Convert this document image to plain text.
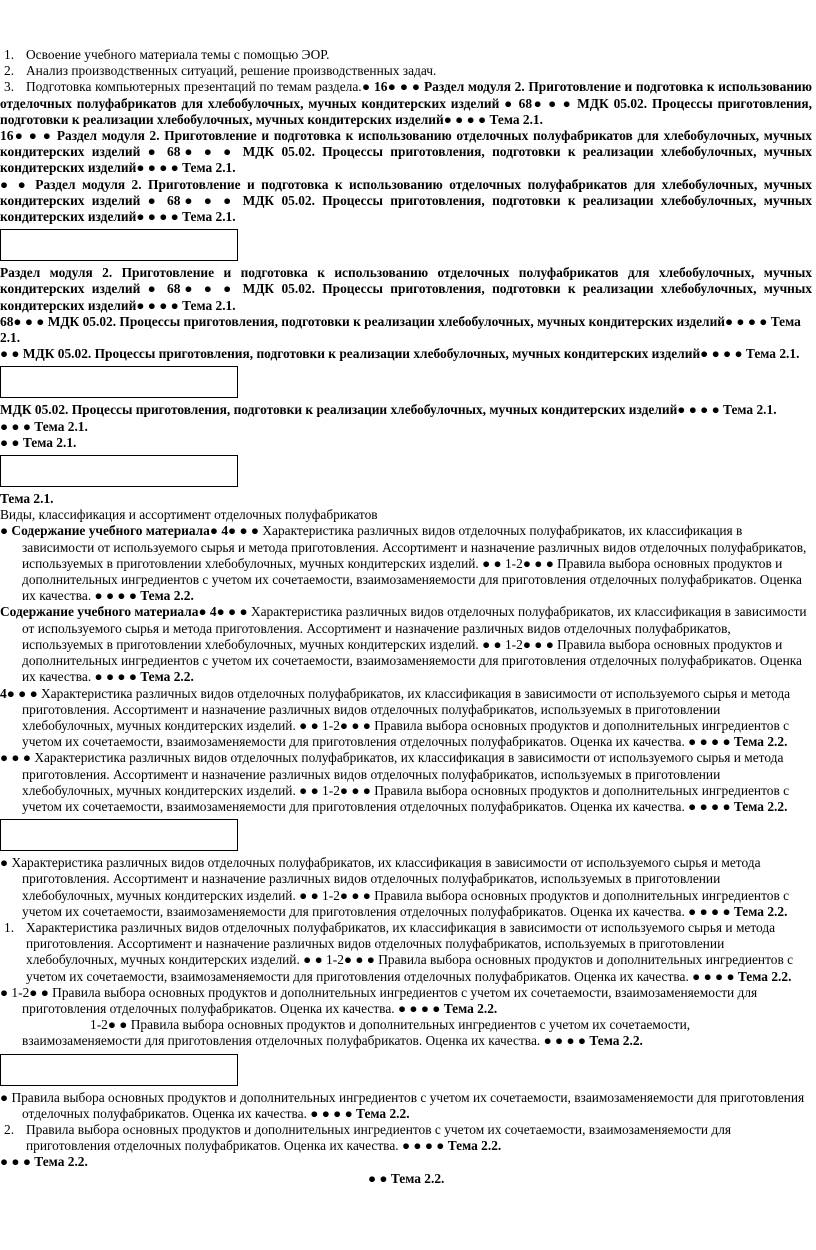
1. Освоение учебного материала темы с помощью ЭОР.
2. Анализ производственных ситуаций, решение производственных задач.
3. Подготовка компьютерных презентаций по темам раздела.● 16● ● ● Раздел модуля 2. Приготовление и подготовка к использованию отделочных полуфабрикатов для хлебобулочных, мучных кондитерских изделий ● 68● ● ● МДК 05.02. Процессы приготовления, подготовки к реализации хлебобулочных, мучных кондитерских изделий● ● ● ● Тема 2.1.

16● ● ● Раздел модуля 2. Приготовление и подготовка к использованию отделочных полуфабрикатов для хлебобулочных, мучных кондитерских изделий ● 68● ● ● МДК 05.02. Процессы приготовления, подготовки к реализации хлебобулочных, мучных кондитерских изделий● ● ● ● Тема 2.1.

● ● Раздел модуля 2. Приготовление и подготовка к использованию отделочных полуфабрикатов для хлебобулочных, мучных кондитерских изделий ● 68● ● ● МДК 05.02. Процессы приготовления, подготовки к реализации хлебобулочных, мучных кондитерских изделий● ● ● ● Тема 2.1.

Раздел модуля 2. Приготовление и подготовка к использованию отделочных полуфабрикатов для хлебобулочных, мучных кондитерских изделий ● 68● ● ● МДК 05.02. Процессы приготовления, подготовки к реализации хлебобулочных, мучных кондитерских изделий● ● ● ● Тема 2.1.

68● ● ● МДК 05.02. Процессы приготовления, подготовки к реализации хлебобулочных, мучных кондитерских изделий● ● ● ● Тема 2.1.

● ● МДК 05.02. Процессы приготовления, подготовки к реализации хлебобулочных, мучных кондитерских изделий● ● ● ● Тема 2.1.

МДК 05.02. Процессы приготовления, подготовки к реализации хлебобулочных, мучных кондитерских изделий● ● ● ● Тема 2.1.

● ● ● Тема 2.1.

● ● Тема 2.1.

Тема 2.1.

Виды, классификация и ассортимент отделочных полуфабрикатов

● Содержание учебного материала● 4● ● ● Характеристика различных видов отделочных полуфабрикатов, их классификация в зависимости от используемого сырья и метода приготовления. Ассортимент и назначение различных видов отделочных полуфабрикатов, используемых в приготовлении хлебобулочных, мучных кондитерских изделий. ● ● 1-2● ● ● Правила выбора основных продуктов и дополнительных ингредиентов с учетом их сочетаемости, взаимозаменяемости для приготовления отделочных полуфабрикатов. Оценка их качества. ● ● ● ● Тема 2.2.

Содержание учебного материала● 4● ● ● Характеристика различных видов отделочных полуфабрикатов, их классификация в зависимости от используемого сырья и метода приготовления. Ассортимент и назначение различных видов отделочных полуфабрикатов, используемых в приготовлении хлебобулочных, мучных кондитерских изделий. ● ● 1-2● ● ● Правила выбора основных продуктов и дополнительных ингредиентов с учетом их сочетаемости, взаимозаменяемости для приготовления отделочных полуфабрикатов. Оценка их качества. ● ● ● ● Тема 2.2.

4● ● ● Характеристика различных видов отделочных полуфабрикатов, их классификация в зависимости от используемого сырья и метода приготовления. Ассортимент и назначение различных видов отделочных полуфабрикатов, используемых в приготовлении хлебобулочных, мучных кондитерских изделий. ● ● 1-2● ● ● Правила выбора основных продуктов и дополнительных ингредиентов с учетом их сочетаемости, взаимозаменяемости для приготовления отделочных полуфабрикатов. Оценка их качества. ● ● ● ● Тема 2.2.

● ● ● Характеристика различных видов отделочных полуфабрикатов, их классификация в зависимости от используемого сырья и метода приготовления. Ассортимент и назначение различных видов отделочных полуфабрикатов, используемых в приготовлении хлебобулочных, мучных кондитерских изделий. ● ● 1-2● ● ● Правила выбора основных продуктов и дополнительных ингредиентов с учетом их сочетаемости, взаимозаменяемости для приготовления отделочных полуфабрикатов. Оценка их качества. ● ● ● ● Тема 2.2.

● Характеристика различных видов отделочных полуфабрикатов, их классификация в зависимости от используемого сырья и метода приготовления. Ассортимент и назначение различных видов отделочных полуфабрикатов, используемых в приготовлении хлебобулочных, мучных кондитерских изделий. ● ● 1-2● ● ● Правила выбора основных продуктов и дополнительных ингредиентов с учетом их сочетаемости, взаимозаменяемости для приготовления отделочных полуфабрикатов. Оценка их качества. ● ● ● ● Тема 2.2.

1. Характеристика различных видов отделочных полуфабрикатов, их классификация в зависимости от используемого сырья и метода приготовления. Ассортимент и назначение различных видов отделочных полуфабрикатов, используемых в приготовлении хлебобулочных, мучных кондитерских изделий. ● ● 1-2● ● ● Правила выбора основных продуктов и дополнительных ингредиентов с учетом их сочетаемости, взаимозаменяемости для приготовления отделочных полуфабрикатов. Оценка их качества. ● ● ● ● Тема 2.2.

● 1-2● ● Правила выбора основных продуктов и дополнительных ингредиентов с учетом их сочетаемости, взаимозаменяемости для приготовления отделочных полуфабрикатов. Оценка их качества. ● ● ● ● Тема 2.2.

1-2● ● Правила выбора основных продуктов и дополнительных ингредиентов с учетом их сочетаемости, взаимозаменяемости для приготовления отделочных полуфабрикатов. Оценка их качества. ● ● ● ● Тема 2.2.

● Правила выбора основных продуктов и дополнительных ингредиентов с учетом их сочетаемости, взаимозаменяемости для приготовления отделочных полуфабрикатов. Оценка их качества. ● ● ● ● Тема 2.2.

2. Правила выбора основных продуктов и дополнительных ингредиентов с учетом их сочетаемости, взаимозаменяемости для приготовления отделочных полуфабрикатов. Оценка их качества. ● ● ● ● Тема 2.2.

● ● ● Тема 2.2.

● ● Тема 2.2.
